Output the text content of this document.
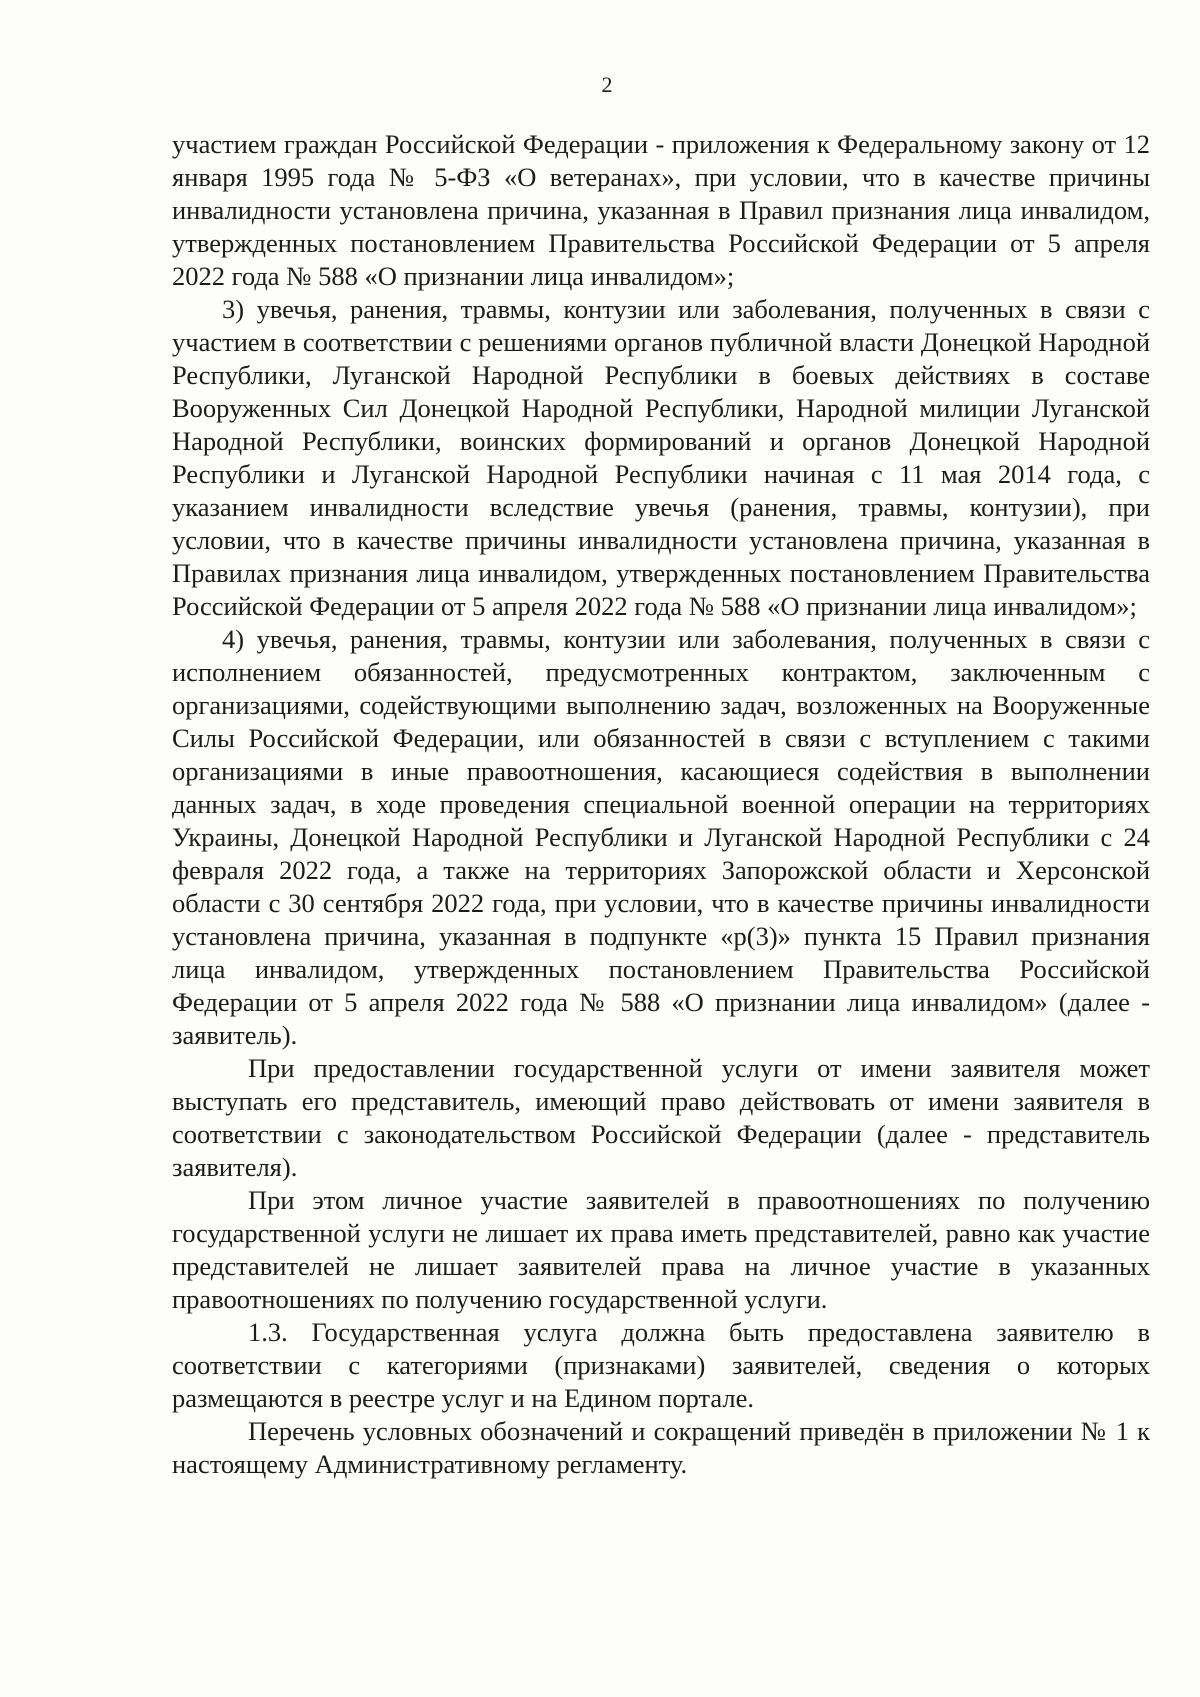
2

участием граждан Российской Федерации - приложения к Федеральному закону от 12 января 1995 года № 5-ФЗ «О ветеранах», при условии, что в качестве причины инвалидности установлена причина, указанная в Правил признания лица инвалидом, утвержденных постановлением Правительства Российской Федерации от 5 апреля 2022 года № 588 «О признании лица инвалидом»;

3) увечья, ранения, травмы, контузии или заболевания, полученных в связи с участием в соответствии с решениями органов публичной власти Донецкой Народной Республики, Луганской Народной Республики в боевых действиях в составе Вооруженных Сил Донецкой Народной Республики, Народной милиции Луганской Народной Республики, воинских формирований и органов Донецкой Народной Республики и Луганской Народной Республики начиная с 11 мая 2014 года, с указанием инвалидности вследствие увечья (ранения, травмы, контузии), при условии, что в качестве причины инвалидности установлена причина, указанная в Правилах признания лица инвалидом, утвержденных постановлением Правительства Российской Федерации от 5 апреля 2022 года № 588 «О признании лица инвалидом»;

4) увечья, ранения, травмы, контузии или заболевания, полученных в связи с исполнением обязанностей, предусмотренных контрактом, заключенным с организациями, содействующими выполнению задач, возложенных на Вооруженные Силы Российской Федерации, или обязанностей в связи с вступлением с такими организациями в иные правоотношения, касающиеся содействия в выполнении данных задач, в ходе проведения специальной военной операции на территориях Украины, Донецкой Народной Республики и Луганской Народной Республики с 24 февраля 2022 года, а также на территориях Запорожской области и Херсонской области с 30 сентября 2022 года, при условии, что в качестве причины инвалидности установлена причина, указанная в подпункте «р(3)» пункта 15 Правил признания лица инвалидом, утвержденных постановлением Правительства Российской Федерации от 5 апреля 2022 года № 588 «О признании лица инвалидом» (далее - заявитель).

При предоставлении государственной услуги от имени заявителя может выступать его представитель, имеющий право действовать от имени заявителя в соответствии с законодательством Российской Федерации (далее - представитель заявителя).

При этом личное участие заявителей в правоотношениях по получению государственной услуги не лишает их права иметь представителей, равно как участие представителей не лишает заявителей права на личное участие в указанных правоотношениях по получению государственной услуги.

1.3. Государственная услуга должна быть предоставлена заявителю в соответствии с категориями (признаками) заявителей, сведения о которых размещаются в реестре услуг и на Едином портале.

Перечень условных обозначений и сокращений приведён в приложении № 1 к настоящему Административному регламенту.
